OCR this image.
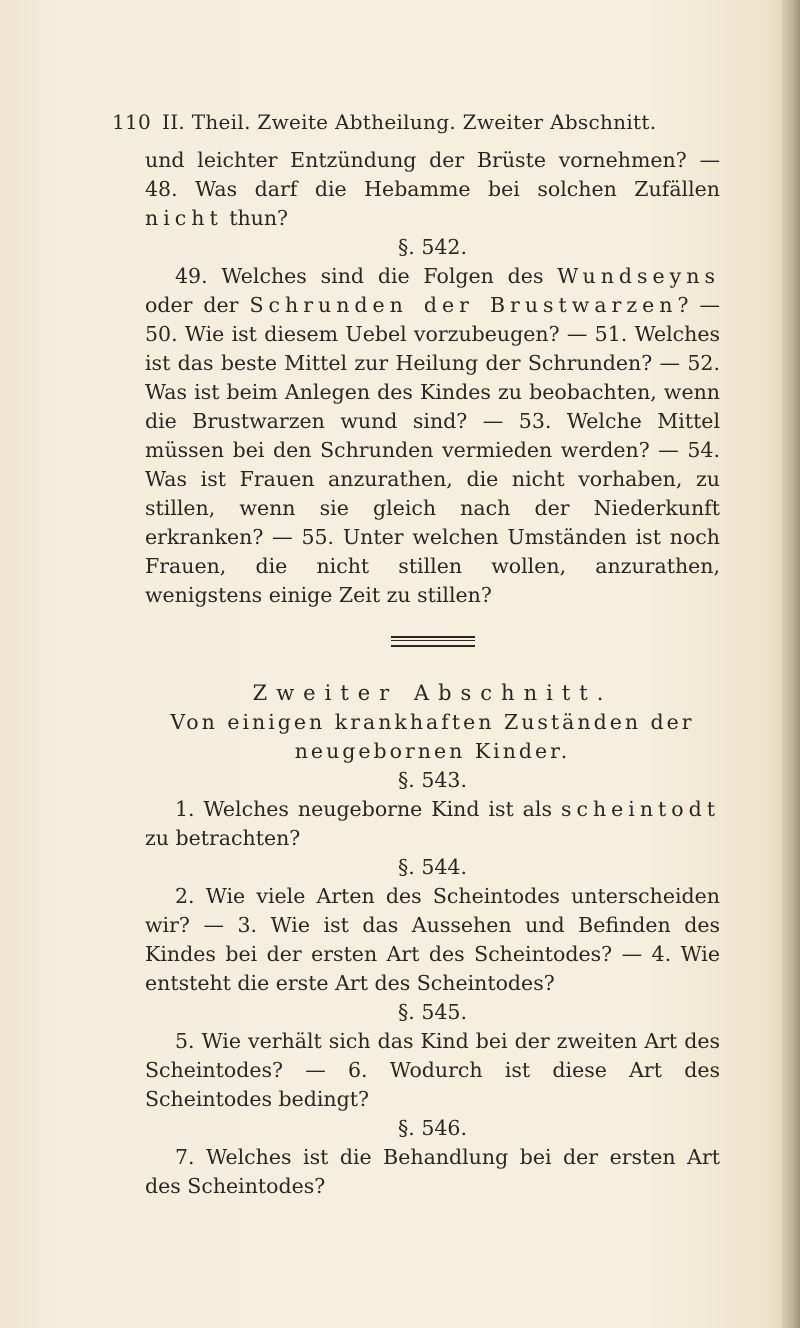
110 II. Theil. Zweite Abtheilung. Zweiter Abschnitt.

und leichter Entzündung der Brüste vornehmen? — 48. Was darf die Hebamme bei solchen Zufällen nicht thun?

§. 542.

49. Welches sind die Folgen des Wundseyns oder der Schrunden der Brustwarzen? — 50. Wie ist diesem Uebel vorzubeugen? — 51. Welches ist das beste Mittel zur Heilung der Schrunden? — 52. Was ist beim Anlegen des Kindes zu beobachten, wenn die Brustwarzen wund sind? — 53. Welche Mittel müssen bei den Schrunden vermieden werden? — 54. Was ist Frauen anzurathen, die nicht vorhaben, zu stillen, wenn sie gleich nach der Niederkunft erkranken? — 55. Unter welchen Umständen ist noch Frauen, die nicht stillen wollen, anzurathen, wenigstens einige Zeit zu stillen?

Zweiter Abschnitt.

Von einigen krankhaften Zuständen der neugebornen Kinder.

§. 543.

1. Welches neugeborne Kind ist als scheintodt zu betrachten?

§. 544.

2. Wie viele Arten des Scheintodes unterscheiden wir? — 3. Wie ist das Aussehen und Befinden des Kindes bei der ersten Art des Scheintodes? — 4. Wie entsteht die erste Art des Scheintodes?

§. 545.

5. Wie verhält sich das Kind bei der zweiten Art des Scheintodes? — 6. Wodurch ist diese Art des Scheintodes bedingt?

§. 546.

7. Welches ist die Behandlung bei der ersten Art des Scheintodes?
